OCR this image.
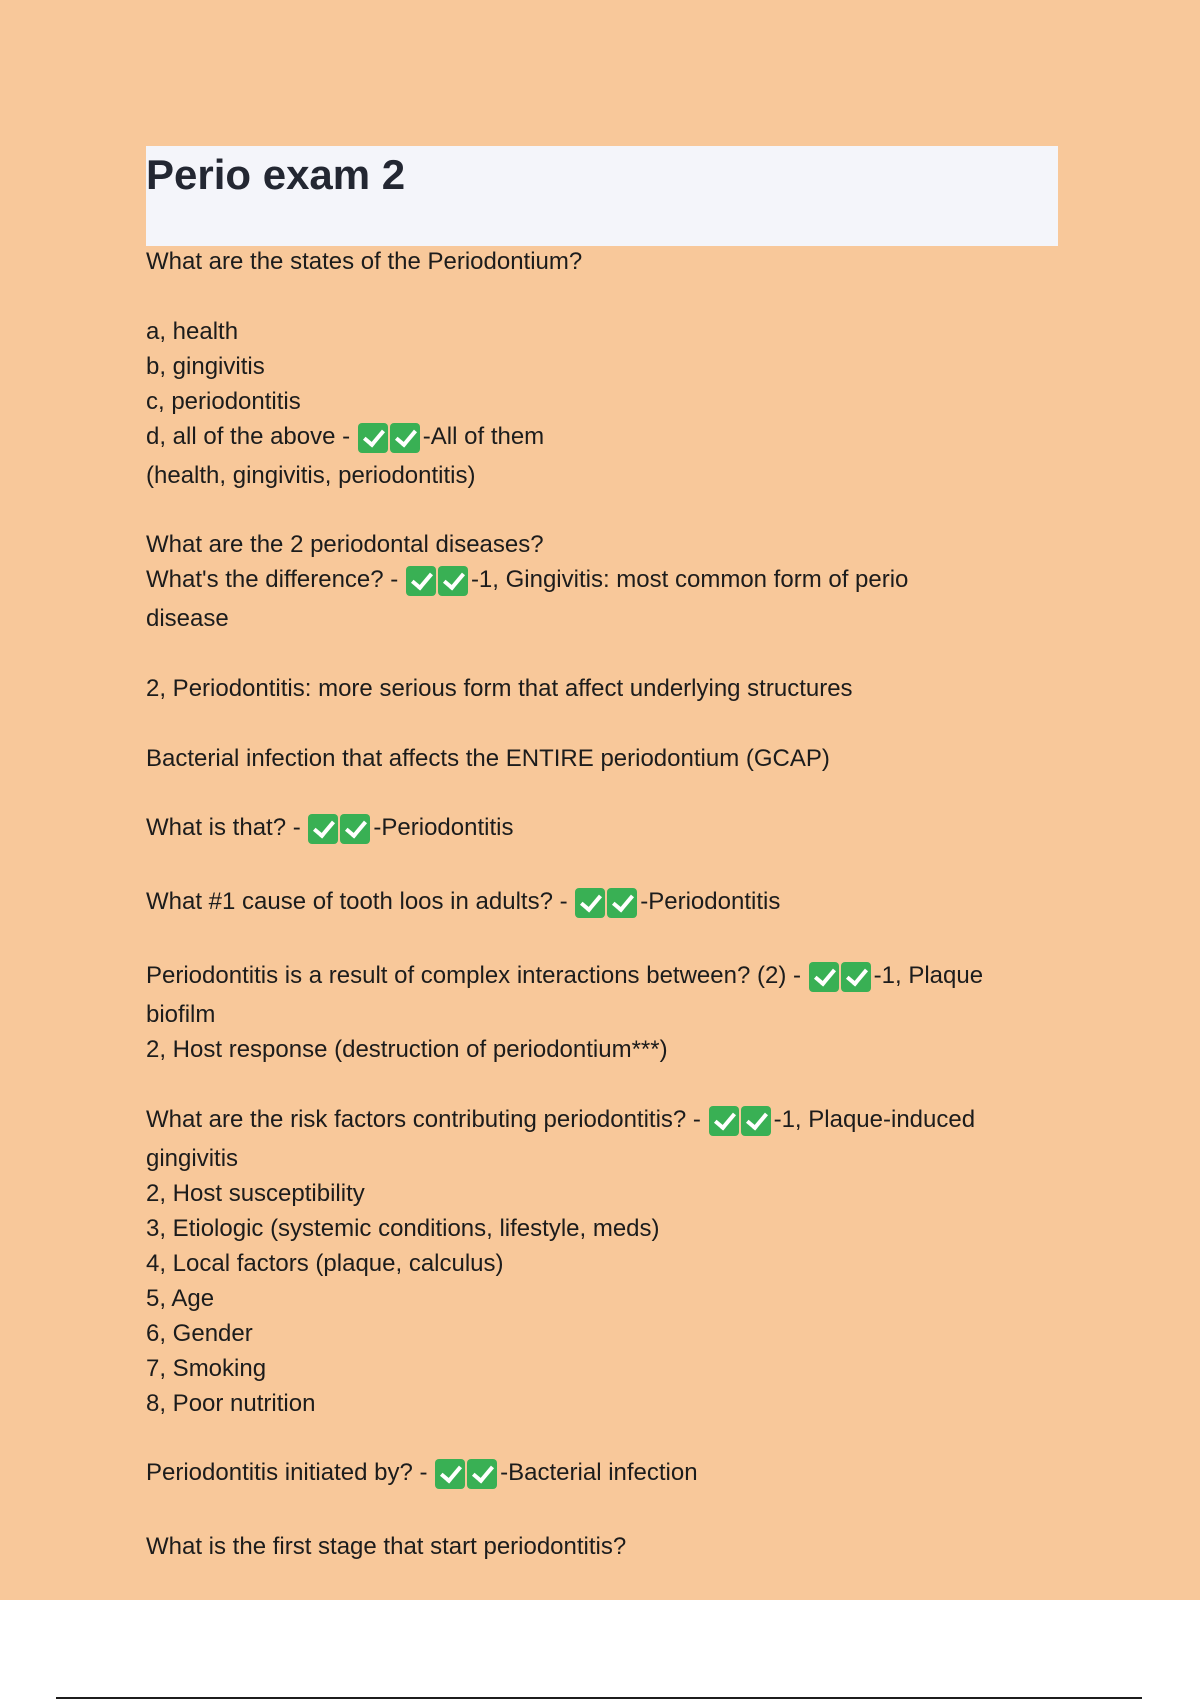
Perio exam 2
What are the states of the Periodontium?
a, health
b, gingivitis
c, periodontitis
d, all of the above -	-All of them
(health, gingivitis, periodontitis)
What are the 2 periodontal diseases?
What's the difference? -	-1, Gingivitis: most common form of perio
disease
2, Periodontitis: more serious form that affect underlying structures
Bacterial infection that affects the ENTIRE periodontium (GCAP)
What is that? -	-Periodontitis
What #1 cause of tooth loos in adults? -	-Periodontitis
Periodontitis is a result of complex interactions between? (2) -	-1, Plaque
biofilm
2, Host response (destruction of periodontium***)
What are the risk factors contributing periodontitis? -	-1, Plaque-induced
gingivitis
2, Host susceptibility
3, Etiologic (systemic conditions, lifestyle, meds)
4, Local factors (plaque, calculus)
5, Age
6, Gender
7, Smoking
8, Poor nutrition
Periodontitis initiated by? -	-Bacterial infection
What is the first stage that start periodontitis?
